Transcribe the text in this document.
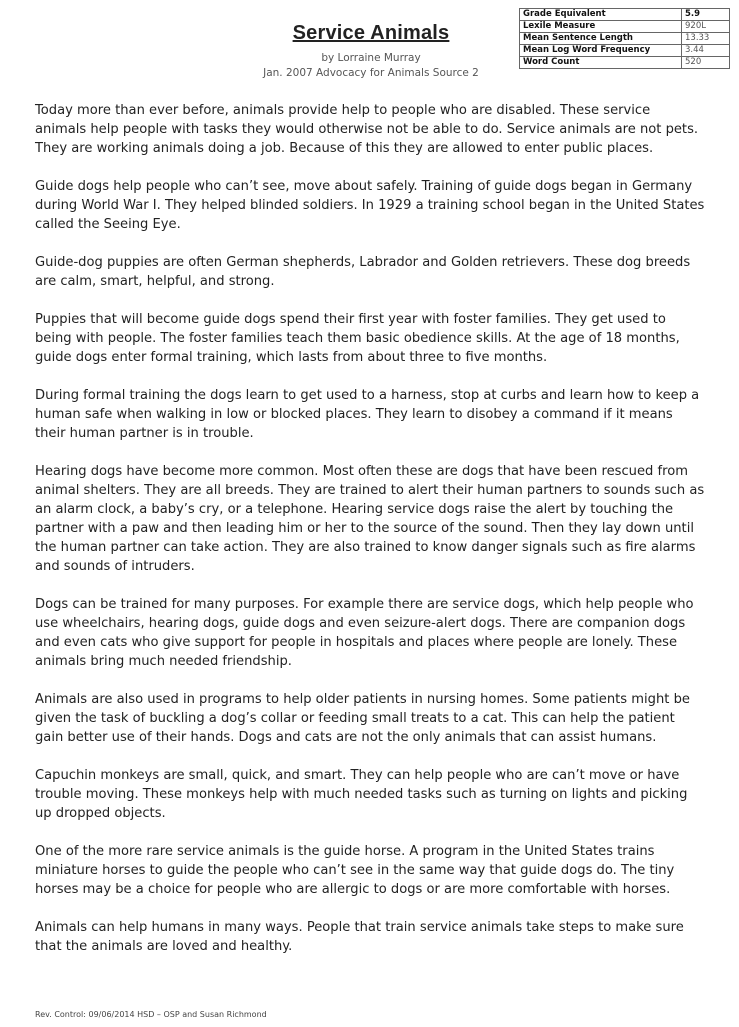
Service Animals
by Lorraine Murray
Jan. 2007 Advocacy for Animals Source 2
Grade Equivalent	5.9
Lexile Measure	920L
Mean Sentence Length	13.33
Mean Log Word Frequency	3.44
Word Count	520

Today more than ever before, animals provide help to people who are disabled. These service animals help people with tasks they would otherwise not be able to do. Service animals are not pets. They are working animals doing a job. Because of this they are allowed to enter public places.

Guide dogs help people who can’t see, move about safely. Training of guide dogs began in Germany during World War I. They helped blinded soldiers. In 1929 a training school began in the United States called the Seeing Eye.

Guide-dog puppies are often German shepherds, Labrador and Golden retrievers. These dog breeds are calm, smart, helpful, and strong.

Puppies that will become guide dogs spend their first year with foster families. They get used to being with people. The foster families teach them basic obedience skills. At the age of 18 months, guide dogs enter formal training, which lasts from about three to five months.

During formal training the dogs learn to get used to a harness, stop at curbs and learn how to keep a human safe when walking in low or blocked places. They learn to disobey a command if it means their human partner is in trouble.

Hearing dogs have become more common. Most often these are dogs that have been rescued from animal shelters. They are all breeds. They are trained to alert their human partners to sounds such as an alarm clock, a baby’s cry, or a telephone. Hearing service dogs raise the alert by touching the partner with a paw and then leading him or her to the source of the sound. Then they lay down until the human partner can take action. They are also trained to know danger signals such as fire alarms and sounds of intruders.

Dogs can be trained for many purposes. For example there are service dogs, which help people who use wheelchairs, hearing dogs, guide dogs and even seizure-alert dogs. There are companion dogs and even cats who give support for people in hospitals and places where people are lonely. These animals bring much needed friendship.

Animals are also used in programs to help older patients in nursing homes. Some patients might be given the task of buckling a dog’s collar or feeding small treats to a cat. This can help the patient gain better use of their hands. Dogs and cats are not the only animals that can assist humans.

Capuchin monkeys are small, quick, and smart. They can help people who are can’t move or have trouble moving. These monkeys help with much needed tasks such as turning on lights and picking up dropped objects.

One of the more rare service animals is the guide horse. A program in the United States trains miniature horses to guide the people who can’t see in the same way that guide dogs do. The tiny horses may be a choice for people who are allergic to dogs or are more comfortable with horses.

Animals can help humans in many ways. People that train service animals take steps to make sure that the animals are loved and healthy.

Rev. Control: 09/06/2014 HSD – OSP and Susan Richmond
